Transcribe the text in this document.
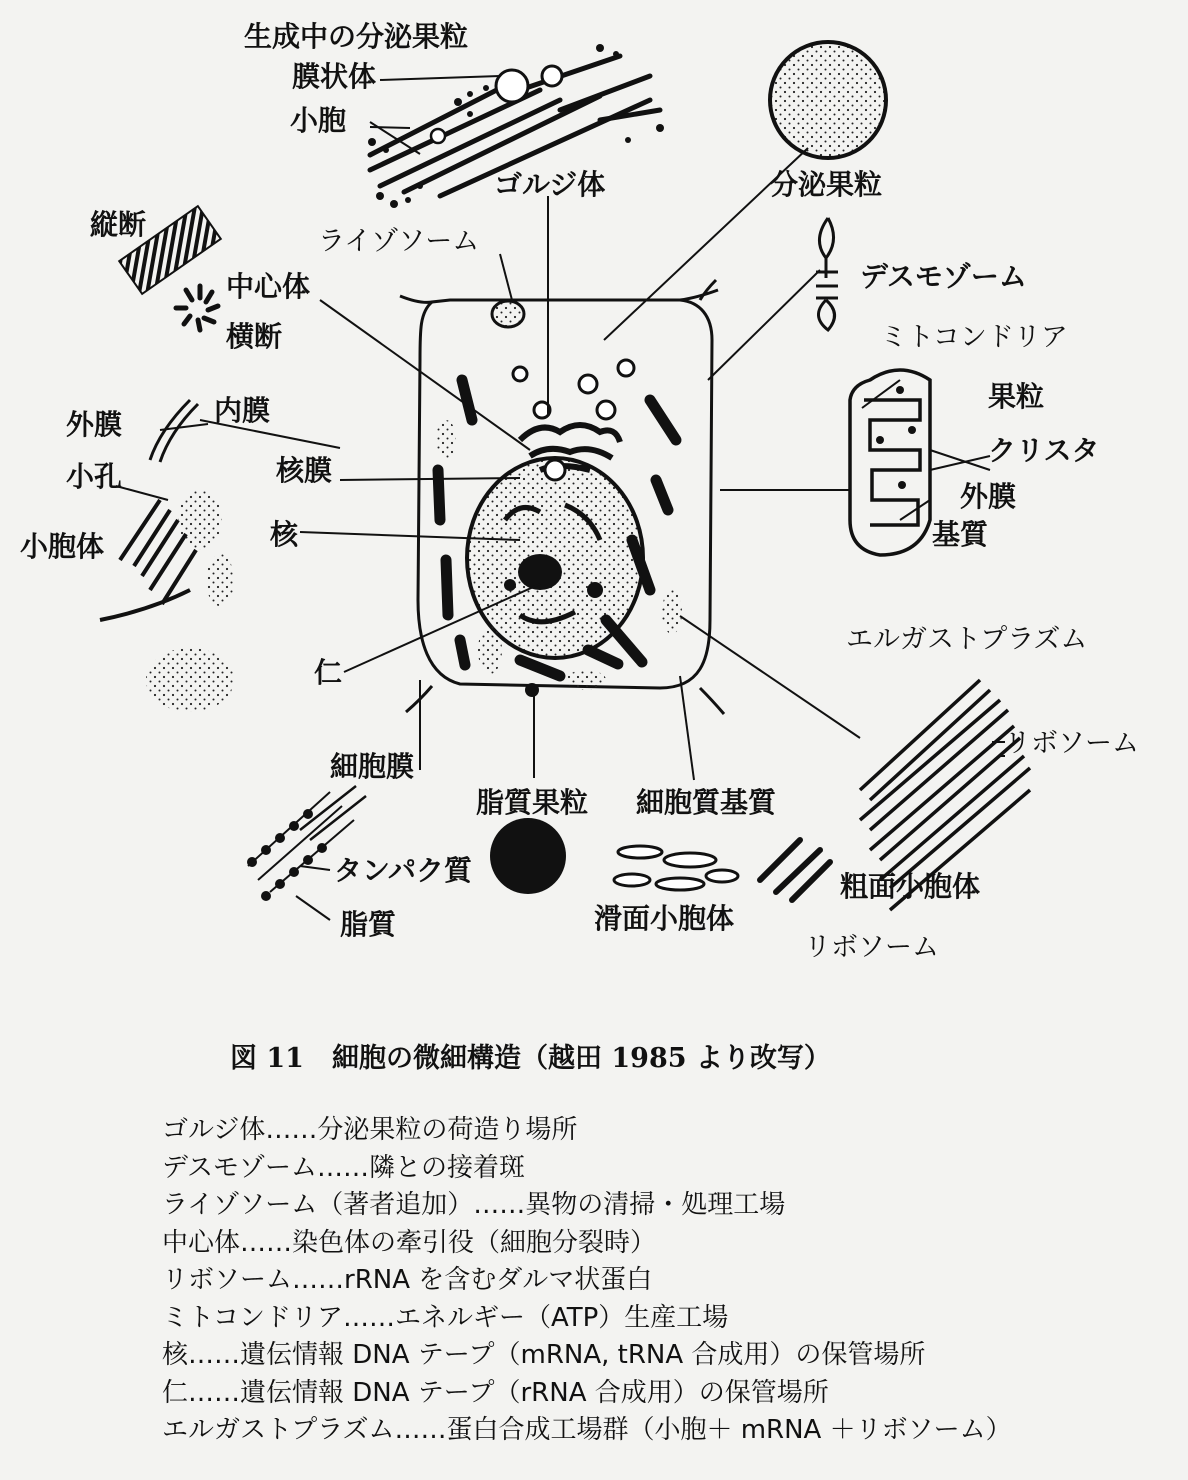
生成中の分泌果粒
膜状体
小胞
ゴルジ体	分泌果粒
ライゾソーム
デスモゾーム
縦断
中心体
横断	ミトコンドリア
果粒
クリスタ
外膜
基質
外膜	内膜
小孔	核膜
小胞体	核
仁
エルガストプラズム
リボソーム
細胞膜
脂質果粒 細胞質基質
タンパク質
脂質	滑面小胞体
粗面小胞体
リボソーム
図 11 細胞の微細構造（越田 1985 より改写）
ゴルジ体……分泌果粒の荷造り場所
デスモゾーム……隣との接着斑
ライゾソーム（著者追加）……異物の清掃・処理工場
中心体……染色体の牽引役（細胞分裂時）
リボソーム……rRNA を含むダルマ状蛋白
ミトコンドリア……エネルギー（ATP）生産工場
核……遺伝情報 DNA テープ（mRNA, tRNA 合成用）の保管場所
仁……遺伝情報 DNA テープ（rRNA 合成用）の保管場所
エルガストプラズム……蛋白合成工場群（小胞＋ mRNA ＋リボソーム）
